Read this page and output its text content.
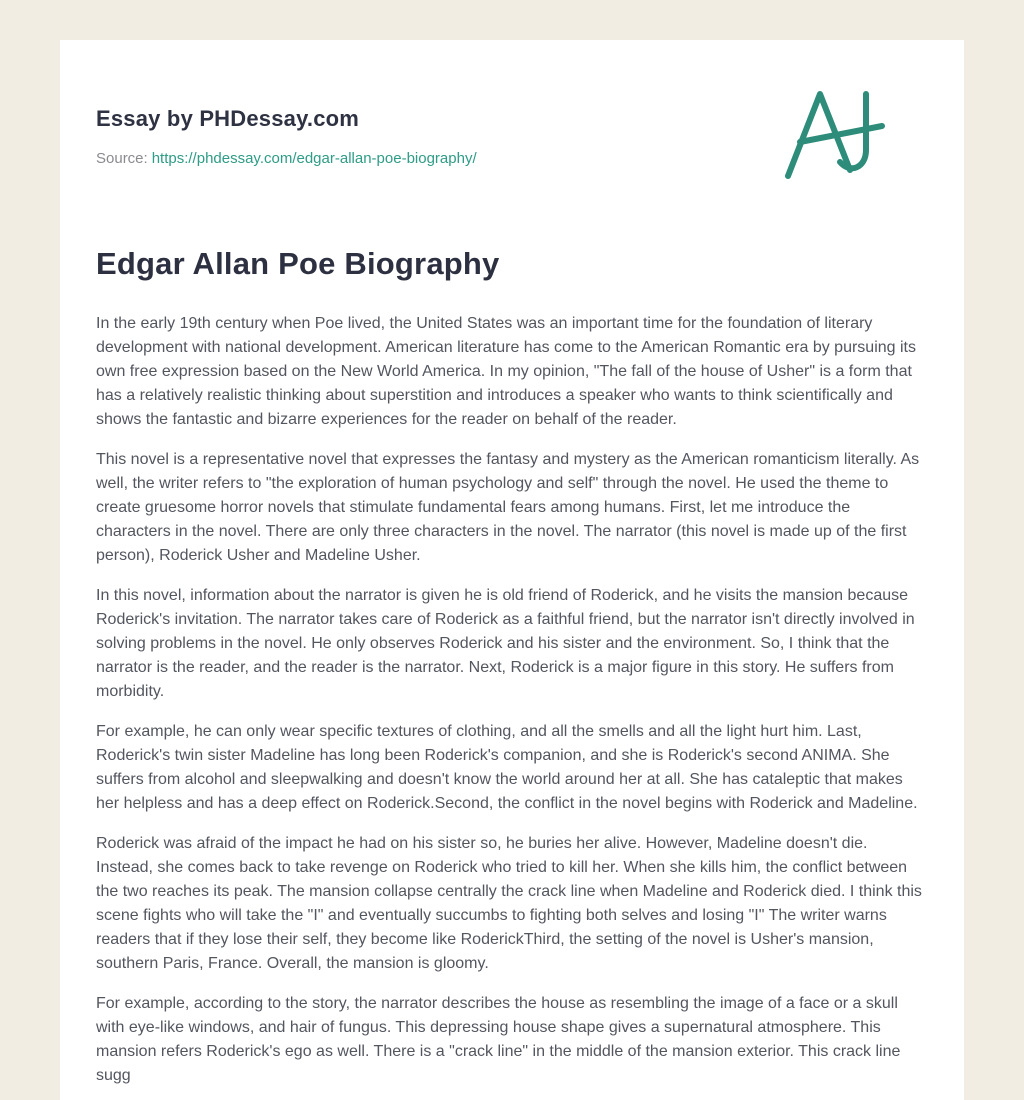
Essay by PHDessay.com

Source: https://phdessay.com/edgar-allan-poe-biography/

Edgar Allan Poe Biography

In the early 19th century when Poe lived, the United States was an important time for the foundation of literary development with national development. American literature has come to the American Romantic era by pursuing its own free expression based on the New World America. In my opinion, "The fall of the house of Usher" is a form that has a relatively realistic thinking about superstition and introduces a speaker who wants to think scientifically and shows the fantastic and bizarre experiences for the reader on behalf of the reader.

This novel is a representative novel that expresses the fantasy and mystery as the American romanticism literally. As well, the writer refers to "the exploration of human psychology and self" through the novel. He used the theme to create gruesome horror novels that stimulate fundamental fears among humans. First, let me introduce the characters in the novel. There are only three characters in the novel. The narrator (this novel is made up of the first person), Roderick Usher and Madeline Usher.

In this novel, information about the narrator is given he is old friend of Roderick, and he visits the mansion because Roderick's invitation. The narrator takes care of Roderick as a faithful friend, but the narrator isn't directly involved in solving problems in the novel. He only observes Roderick and his sister and the environment. So, I think that the narrator is the reader, and the reader is the narrator. Next, Roderick is a major figure in this story. He suffers from morbidity.

For example, he can only wear specific textures of clothing, and all the smells and all the light hurt him. Last, Roderick's twin sister Madeline has long been Roderick's companion, and she is Roderick's second ANIMA. She suffers from alcohol and sleepwalking and doesn't know the world around her at all. She has cataleptic that makes her helpless and has a deep effect on Roderick.Second, the conflict in the novel begins with Roderick and Madeline.

Roderick was afraid of the impact he had on his sister so, he buries her alive. However, Madeline doesn't die. Instead, she comes back to take revenge on Roderick who tried to kill her. When she kills him, the conflict between the two reaches its peak. The mansion collapse centrally the crack line when Madeline and Roderick died. I think this scene fights who will take the "I" and eventually succumbs to fighting both selves and losing "I" The writer warns readers that if they lose their self, they become like RoderickThird, the setting of the novel is Usher's mansion, southern Paris, France. Overall, the mansion is gloomy.

For example, according to the story, the narrator describes the house as resembling the image of a face or a skull with eye-like windows, and hair of fungus. This depressing house shape gives a supernatural atmosphere. This mansion refers Roderick's ego as well. There is a "crack line" in the middle of the mansion exterior. This crack line sugg
